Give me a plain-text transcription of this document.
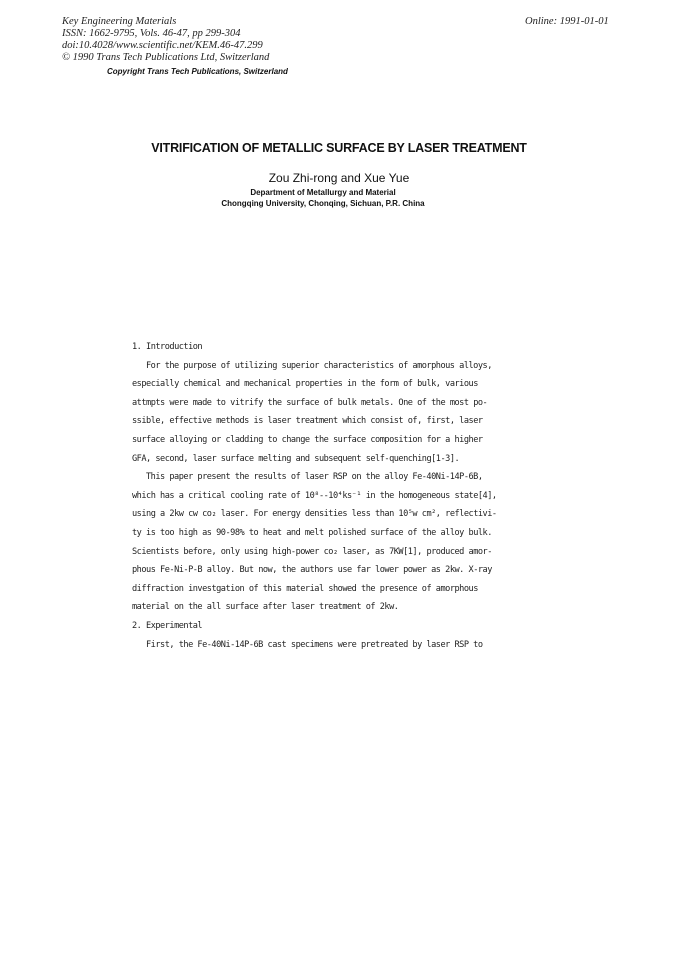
Key Engineering Materials
ISSN: 1662-9795, Vols. 46-47, pp 299-304
doi:10.4028/www.scientific.net/KEM.46-47.299
© 1990 Trans Tech Publications Ltd, Switzerland
Online: 1991-01-01
Copyright Trans Tech Publications, Switzerland
VITRIFICATION OF METALLIC SURFACE BY LASER TREATMENT
Zou Zhi-rong and Xue Yue
Department of Metallurgy and Material
Chongqing University, Chonqing, Sichuan, P.R. China
1. Introduction
For the purpose of utilizing superior characteristics of amorphous alloys,
especially chemical and mechanical properties in the form of bulk, various
attmpts were made to vitrify the surface of bulk metals. One of the most po-
ssible, effective methods is laser treatment which consist of, first, laser
surface alloying or cladding to change the surface composition for a higher
GFA, second, laser surface melting and subsequent self-quenching[1-3].
This paper present the results of laser RSP on the alloy Fe-40Ni-14P-6B,
which has a critical cooling rate of 10⁸--10⁴ks⁻¹ in the homogeneous state[4],
using a 2kw cw co₂ laser. For energy densities less than 10⁵w cm², reflectivi-
ty is too high as 90-98% to heat and melt polished surface of the alloy bulk.
Scientists before, only using high-power co₂ laser, as 7KW[1], produced amor-
phous Fe-Ni-P-B alloy. But now, the authors use far lower power as 2kw. X-ray
diffraction investgation of this material showed the presence of amorphous
material on the all surface after laser treatment of 2kw.
2. Experimental
First, the Fe-40Ni-14P-6B cast specimens were pretreated by laser RSP to
